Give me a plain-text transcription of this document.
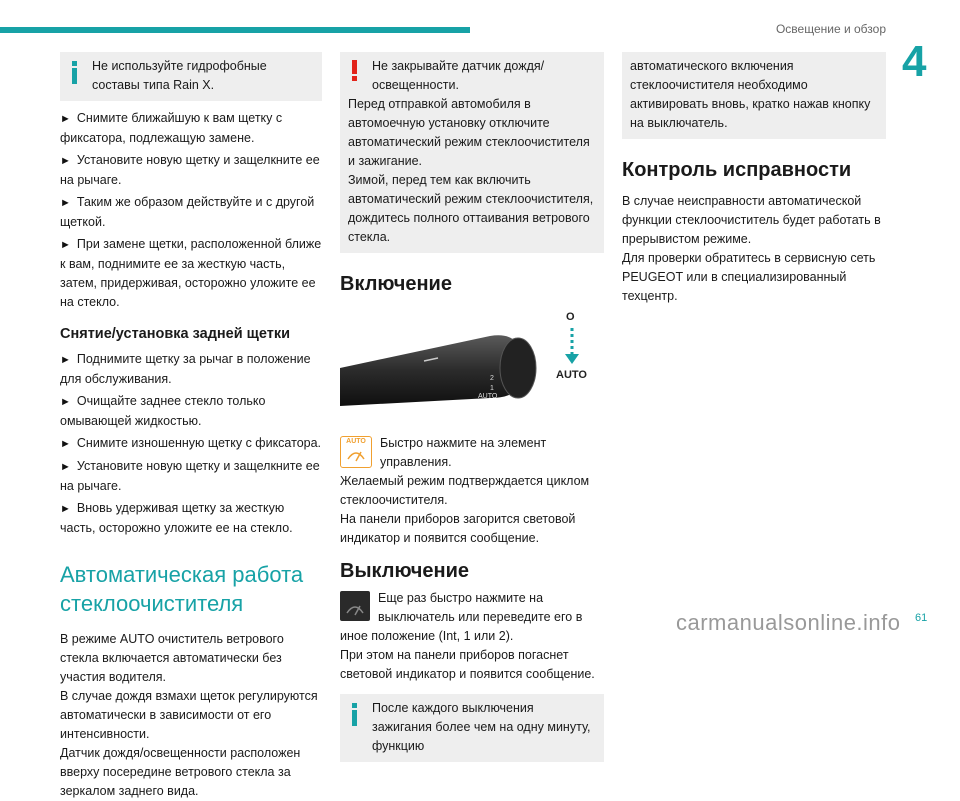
Освещение и обзор
4

Не используйте гидрофобные составы типа Rain X.

► Снимите ближайшую к вам щетку с фиксатора, подлежащую замене.

► Установите новую щетку и защелкните ее на рычаге.

► Таким же образом действуйте и с другой щеткой.

► При замене щетки, расположенной ближе к вам, поднимите ее за жесткую часть, затем, придерживая, осторожно уложите ее на стекло.

Снятие/установка задней щетки

► Поднимите щетку за рычаг в положение для обслуживания.

► Очищайте заднее стекло только омывающей жидкостью.

► Снимите изношенную щетку с фиксатора.

► Установите новую щетку и защелкните ее на рычаге.

► Вновь удерживая щетку за жесткую часть, осторожно уложите ее на стекло.

Автоматическая работа стеклоочистителя

В режиме AUTO очиститель ветрового стекла включается автоматически без участия водителя.

В случае дождя взмахи щеток регулируются автоматически в зависимости от его интенсивности.

Датчик дождя/освещенности расположен вверху посередине ветрового стекла за зеркалом заднего вида.

Не закрывайте датчик дождя/освещенности.

Перед отправкой автомобиля в автомоечную установку отключите автоматический режим стеклоочистителя и зажигание.

Зимой, перед тем как включить автоматический режим стеклоочистителя, дождитесь полного оттаивания ветрового стекла.

Включение
2
1
AUTO
O
AUTO
AUTO	Быстро нажмите на элемент управления.

Желаемый режим подтверждается циклом стеклоочистителя.

На панели приборов загорится световой индикатор и появится сообщение.

Выключение

Еще раз быстро нажмите на выключатель или переведите его в иное положение (Int, 1 или 2).

При этом на панели приборов погаснет световой индикатор и появится сообщение.

После каждого выключения зажигания более чем на одну минуту, функцию

автоматического включения стеклоочистителя необходимо активировать вновь, кратко нажав кнопку на выключатель.

Контроль исправности

В случае неисправности автоматической функции стеклоочиститель будет работать в прерывистом режиме.

Для проверки обратитесь в сервисную сеть PEUGEOT или в специализированный техцентр.

carmanualsonline.info 61
